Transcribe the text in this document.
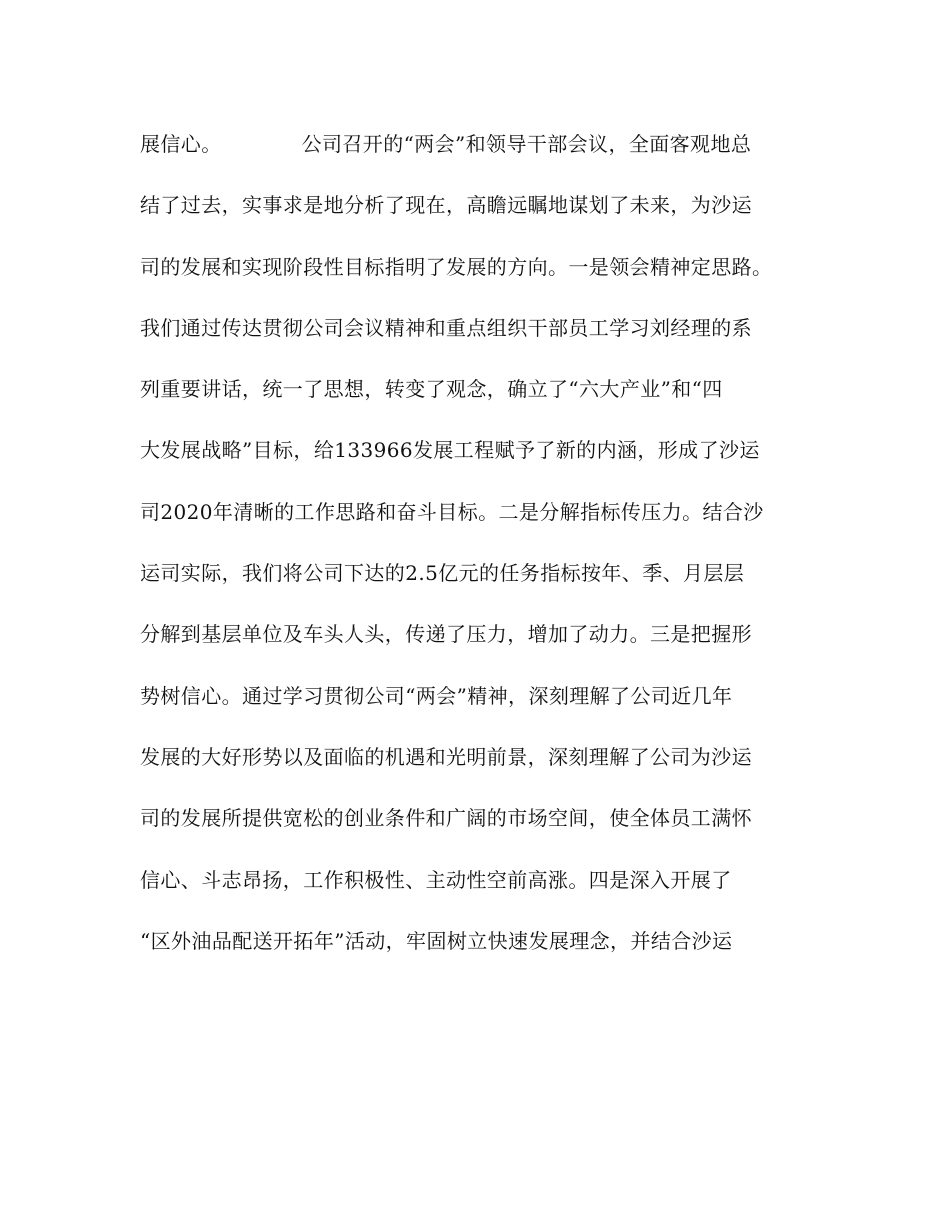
展信心。	公司召开的“两会”和领导干部会议，全面客观地总
结了过去，实事求是地分析了现在，高瞻远瞩地谋划了未来，为沙运
司的发展和实现阶段性目标指明了发展的方向。一是领会精神定思路。
我们通过传达贯彻公司会议精神和重点组织干部员工学习刘经理的系
列重要讲话，统一了思想，转变了观念，确立了“六大产业”和“四
大发展战略”目标，给133966发展工程赋予了新的内涵，形成了沙运
司2020年清晰的工作思路和奋斗目标。二是分解指标传压力。结合沙
运司实际，我们将公司下达的2.5亿元的任务指标按年、季、月层层
分解到基层单位及车头人头，传递了压力，增加了动力。三是把握形
势树信心。通过学习贯彻公司“两会”精神，深刻理解了公司近几年
发展的大好形势以及面临的机遇和光明前景，深刻理解了公司为沙运
司的发展所提供宽松的创业条件和广阔的市场空间，使全体员工满怀
信心、斗志昂扬，工作积极性、主动性空前高涨。四是深入开展了
“区外油品配送开拓年”活动，牢固树立快速发展理念，并结合沙运
